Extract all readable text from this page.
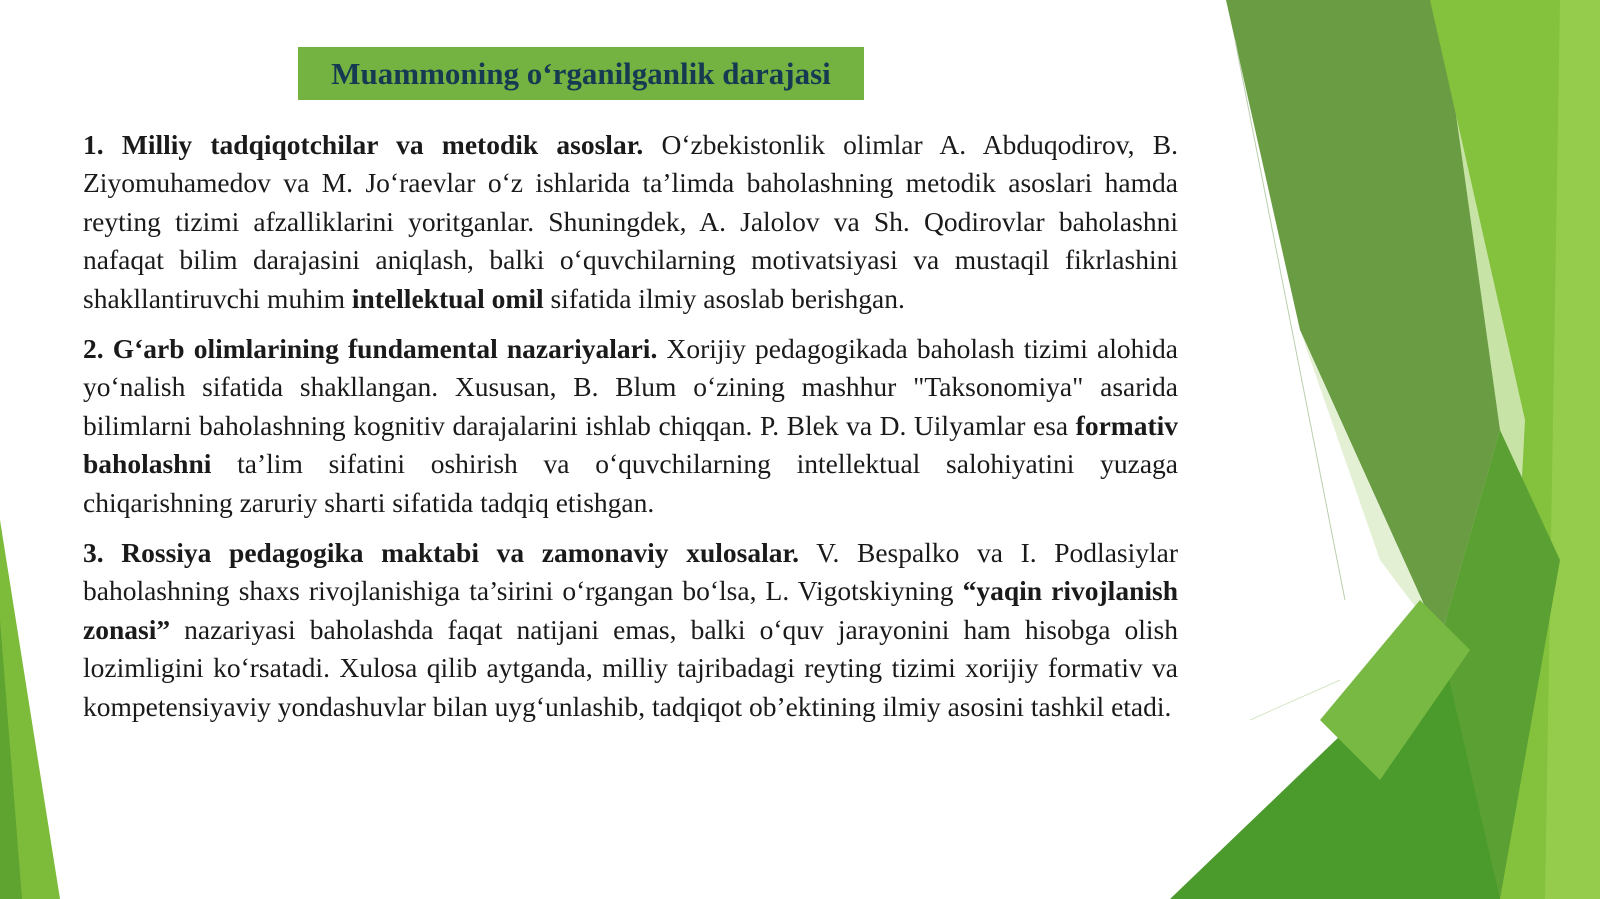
Muammoning o‘rganilganlik darajasi

1. Milliy tadqiqotchilar va metodik asoslar. O‘zbekistonlik olimlar A. Abduqodirov, B. Ziyomuhamedov va M. Jo‘raevlar o‘z ishlarida ta’limda baholashning metodik asoslari hamda reyting tizimi afzalliklarini yoritganlar. Shuningdek, A. Jalolov va Sh. Qodirovlar baholashni nafaqat bilim darajasini aniqlash, balki o‘quvchilarning motivatsiyasi va mustaqil fikrlashini shakllantiruvchi muhim intellektual omil sifatida ilmiy asoslab berishgan.

2. G‘arb olimlarining fundamental nazariyalari. Xorijiy pedagogikada baholash tizimi alohida yo‘nalish sifatida shakllangan. Xususan, B. Blum o‘zining mashhur "Taksonomiya" asarida bilimlarni baholashning kognitiv darajalarini ishlab chiqqan. P. Blek va D. Uilyamlar esa formativ baholashni ta’lim sifatini oshirish va o‘quvchilarning intellektual salohiyatini yuzaga chiqarishning zaruriy sharti sifatida tadqiq etishgan.

3. Rossiya pedagogika maktabi va zamonaviy xulosalar. V. Bespalko va I. Podlasiylar baholashning shaxs rivojlanishiga ta’sirini o‘rgangan bo‘lsa, L. Vigotskiyning “yaqin rivojlanish zonasi” nazariyasi baholashda faqat natijani emas, balki o‘quv jarayonini ham hisobga olish lozimligini ko‘rsatadi. Xulosa qilib aytganda, milliy tajribadagi reyting tizimi xorijiy formativ va kompetensiyaviy yondashuvlar bilan uyg‘unlashib, tadqiqot ob’ektining ilmiy asosini tashkil etadi.
